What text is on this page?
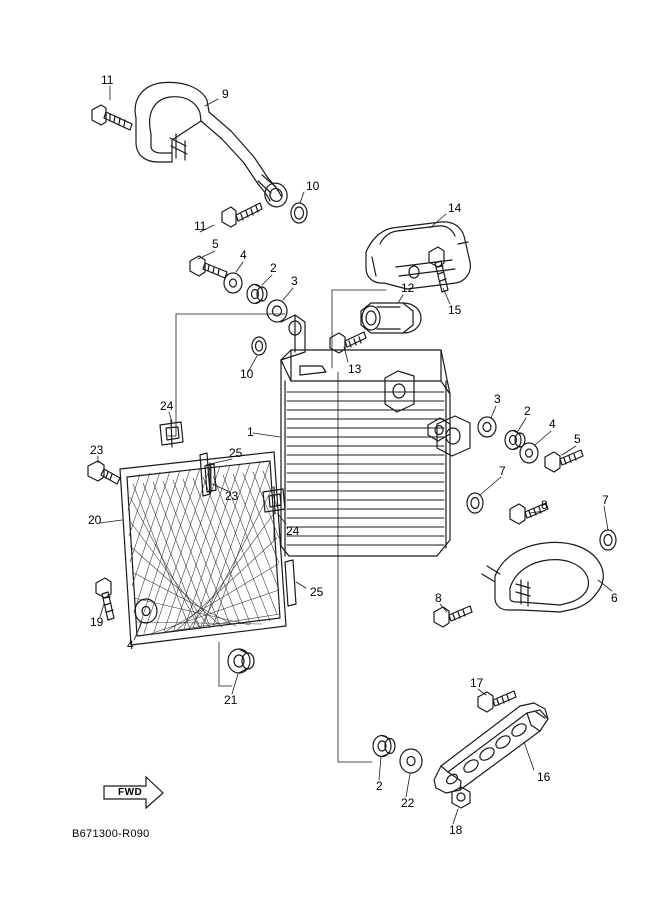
11
9
10
14
11
5
4
2
3	12
15
10	13
3
2
4
24
1	5
23	25
7
23
24
8	7
20
6
25
19
4
8
21
17
16
2
22
18
FWD
B671300-R090
